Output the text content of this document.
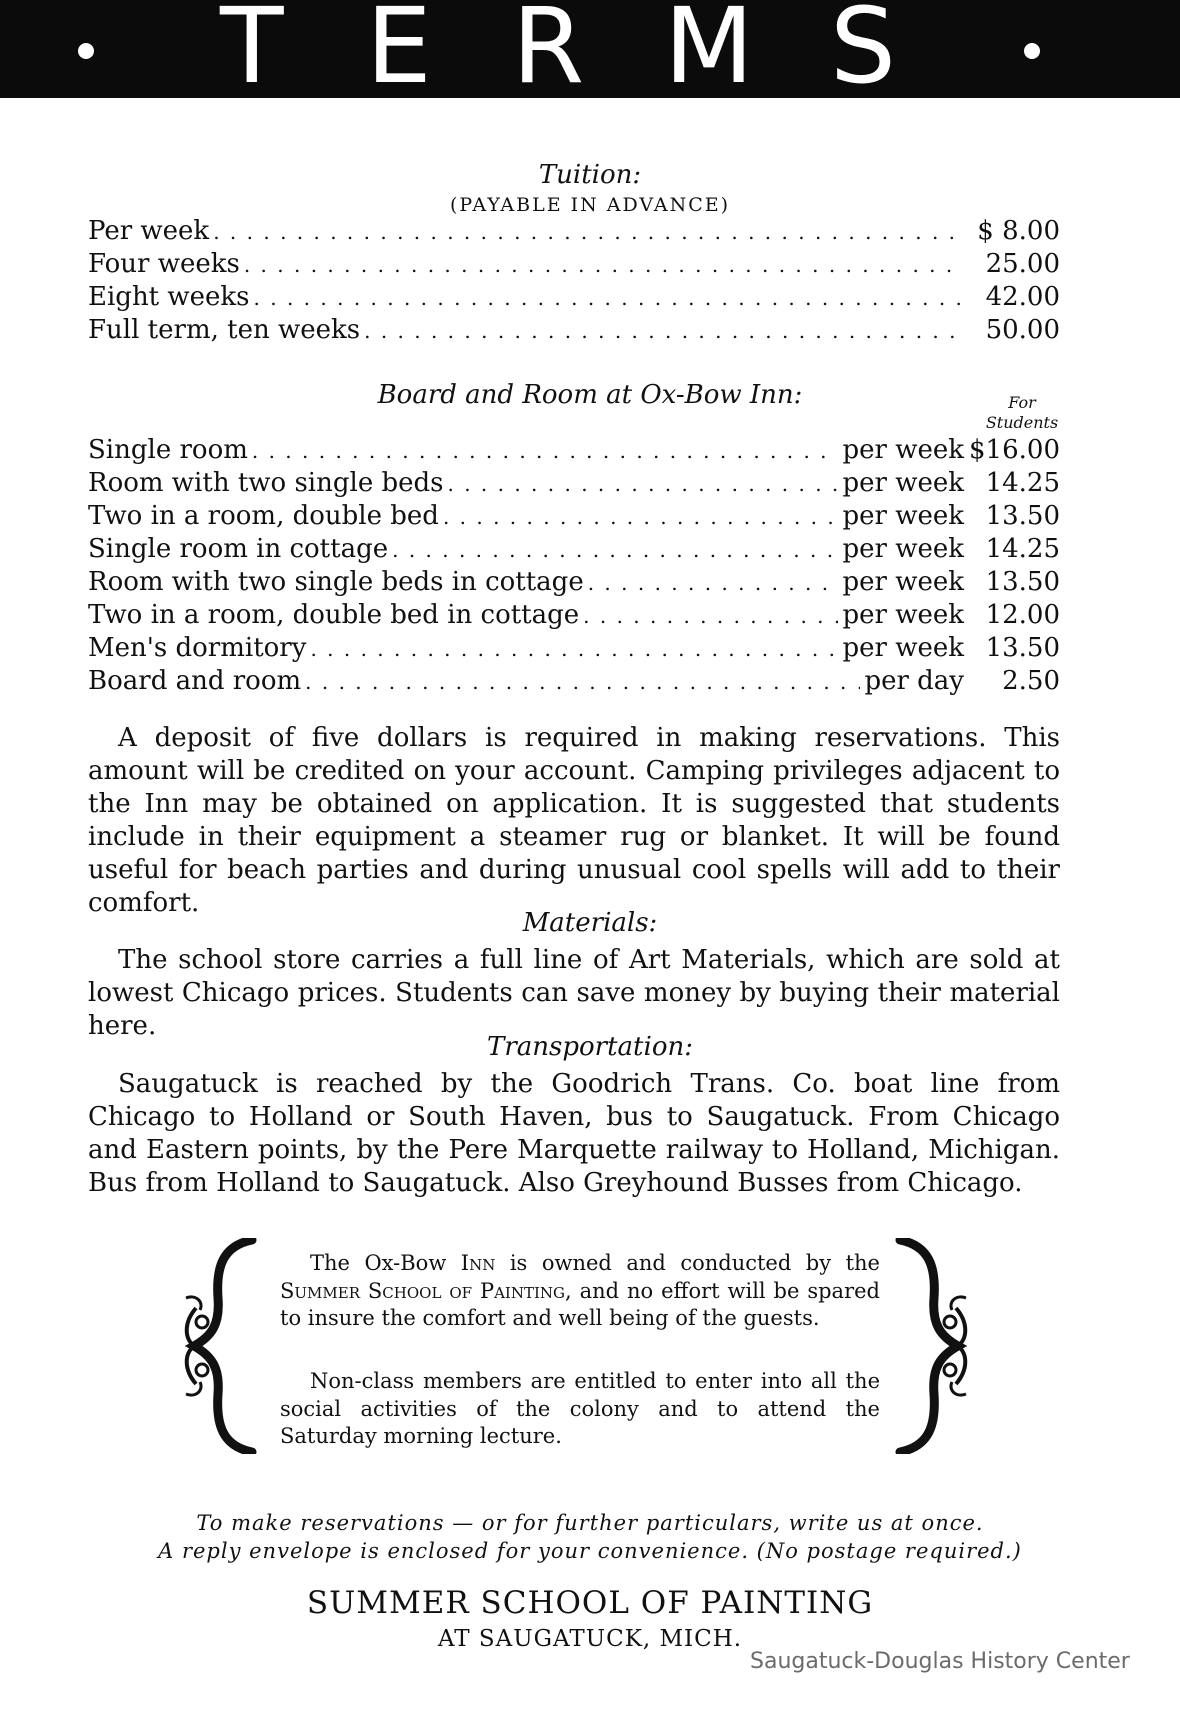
T E R M S
Tuition:
(PAYABLE IN ADVANCE)
Per week . . .	$ 8.00
Four weeks . . .	25.00
Eight weeks . . .	42.00
Full term, ten weeks . . .	50.00
Board and Room at Ox-Bow Inn:	For
Students
Single room . . .	per week $16.00
Room with two single beds . . .	per week 14.25
Two in a room, double bed . . .	per week 13.50
Single room in cottage . . .	per week 14.25
Room with two single beds in cottage . . .	per week 13.50
Two in a room, double bed in cottage . . .	per week 12.00
Men's dormitory . . .	per week 13.50
Board and room . . .	per day	2.50

A deposit of five dollars is required in making reservations. This amount will be credited on your account. Camping privileges adjacent to the Inn may be obtained on application. It is suggested that students include in their equipment a steamer rug or blanket. It will be found useful for beach parties and during unusual cool spells will add to their comfort.

Materials:

The school store carries a full line of Art Materials, which are sold at lowest Chicago prices. Students can save money by buying their material here.

Transportation:

Saugatuck is reached by the Goodrich Trans. Co. boat line from Chicago to Holland or South Haven, bus to Saugatuck. From Chicago and Eastern points, by the Pere Marquette railway to Holland, Michigan. Bus from Holland to Saugatuck. Also Greyhound Busses from Chicago.

The Ox-Bow Inn is owned and conducted by the Summer School of Painting, and no effort will be spared to insure the comfort and well being of the guests.

Non-class members are entitled to enter into all the social activities of the colony and to attend the Saturday morning lecture.

To make reservations — or for further particulars, write us at once.
A reply envelope is enclosed for your convenience. (No postage required.)
SUMMER SCHOOL OF PAINTING
AT SAUGATUCK, MICH.
Saugatuck-Douglas History Center
